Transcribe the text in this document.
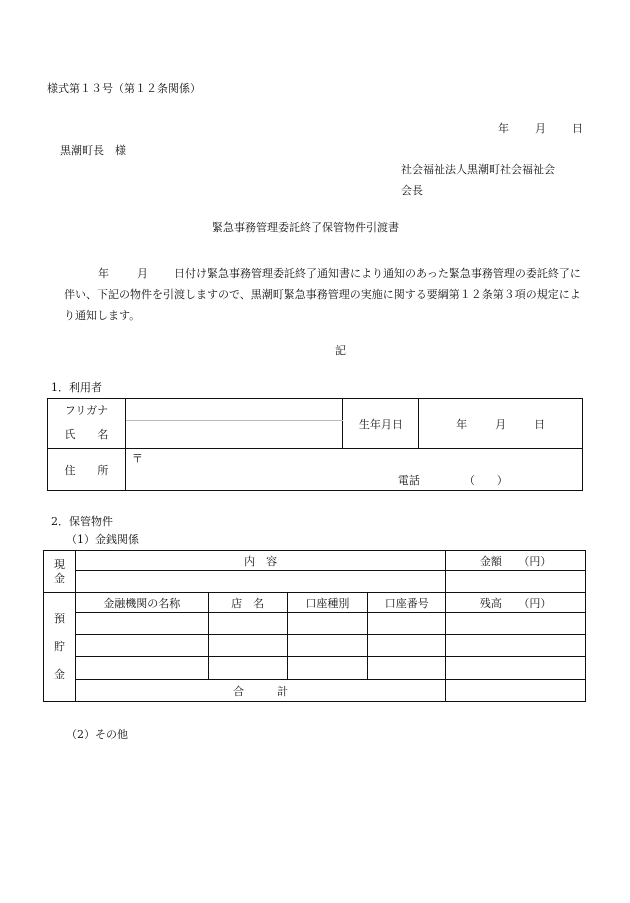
様式第１３号（第１２条関係）
年 月 日
黒潮町長　様
社会福祉法人黒潮町社会福祉会
会長
緊急事務管理委託終了保管物件引渡書
年	月 日付け緊急事務管理委託終了通知書により通知のあった緊急事務管理の委託終了に伴い、下記の物件を引渡しますので、黒潮町緊急事務管理の実施に関する要綱第１２条第３項の規定により通知します。
記
1．利用者
フリガナ		生年月日	年 月 日
氏　　名			
住　　所	〒
電話 （　　）		
2．保管物件
（1）金銭関係
現金	内　容				金額　　（円）

預貯金	金融機関の名称	店　名	口座種別	口座番号	残高　　（円）

	合　　　計				
（2）その他
